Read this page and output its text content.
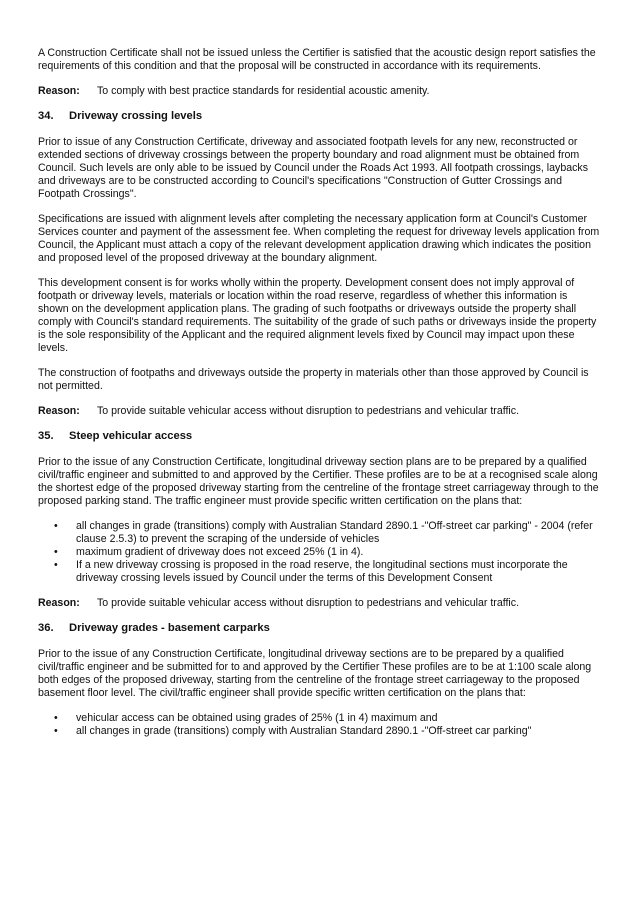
A Construction Certificate shall not be issued unless the Certifier is satisfied that the acoustic design report satisfies the requirements of this condition and that the proposal will be constructed in accordance with its requirements.

Reason: To comply with best practice standards for residential acoustic amenity.
34. Driveway crossing levels

Prior to issue of any Construction Certificate, driveway and associated footpath levels for any new, reconstructed or extended sections of driveway crossings between the property boundary and road alignment must be obtained from Council. Such levels are only able to be issued by Council under the Roads Act 1993. All footpath crossings, laybacks and driveways are to be constructed according to Council's specifications "Construction of Gutter Crossings and Footpath Crossings".

Specifications are issued with alignment levels after completing the necessary application form at Council's Customer Services counter and payment of the assessment fee. When completing the request for driveway levels application from Council, the Applicant must attach a copy of the relevant development application drawing which indicates the position and proposed level of the proposed driveway at the boundary alignment.

This development consent is for works wholly within the property. Development consent does not imply approval of footpath or driveway levels, materials or location within the road reserve, regardless of whether this information is shown on the development application plans. The grading of such footpaths or driveways outside the property shall comply with Council's standard requirements. The suitability of the grade of such paths or driveways inside the property is the sole responsibility of the Applicant and the required alignment levels fixed by Council may impact upon these levels.

The construction of footpaths and driveways outside the property in materials other than those approved by Council is not permitted.

Reason: To provide suitable vehicular access without disruption to pedestrians and vehicular traffic.
35. Steep vehicular access

Prior to the issue of any Construction Certificate, longitudinal driveway section plans are to be prepared by a qualified civil/traffic engineer and submitted to and approved by the Certifier. These profiles are to be at a recognised scale along the shortest edge of the proposed driveway starting from the centreline of the frontage street carriageway through to the proposed parking stand. The traffic engineer must provide specific written certification on the plans that:

• all changes in grade (transitions) comply with Australian Standard 2890.1 -"Off-street car parking" - 2004 (refer clause 2.5.3) to prevent the scraping of the underside of vehicles
• maximum gradient of driveway does not exceed 25% (1 in 4).
• If a new driveway crossing is proposed in the road reserve, the longitudinal sections must incorporate the driveway crossing levels issued by Council under the terms of this Development Consent
Reason: To provide suitable vehicular access without disruption to pedestrians and vehicular traffic.
36. Driveway grades - basement carparks

Prior to the issue of any Construction Certificate, longitudinal driveway sections are to be prepared by a qualified civil/traffic engineer and be submitted for to and approved by the Certifier These profiles are to be at 1:100 scale along both edges of the proposed driveway, starting from the centreline of the frontage street carriageway to the proposed basement floor level. The civil/traffic engineer shall provide specific written certification on the plans that:

• vehicular access can be obtained using grades of 25% (1 in 4) maximum and
• all changes in grade (transitions) comply with Australian Standard 2890.1 -"Off-street car parking"
